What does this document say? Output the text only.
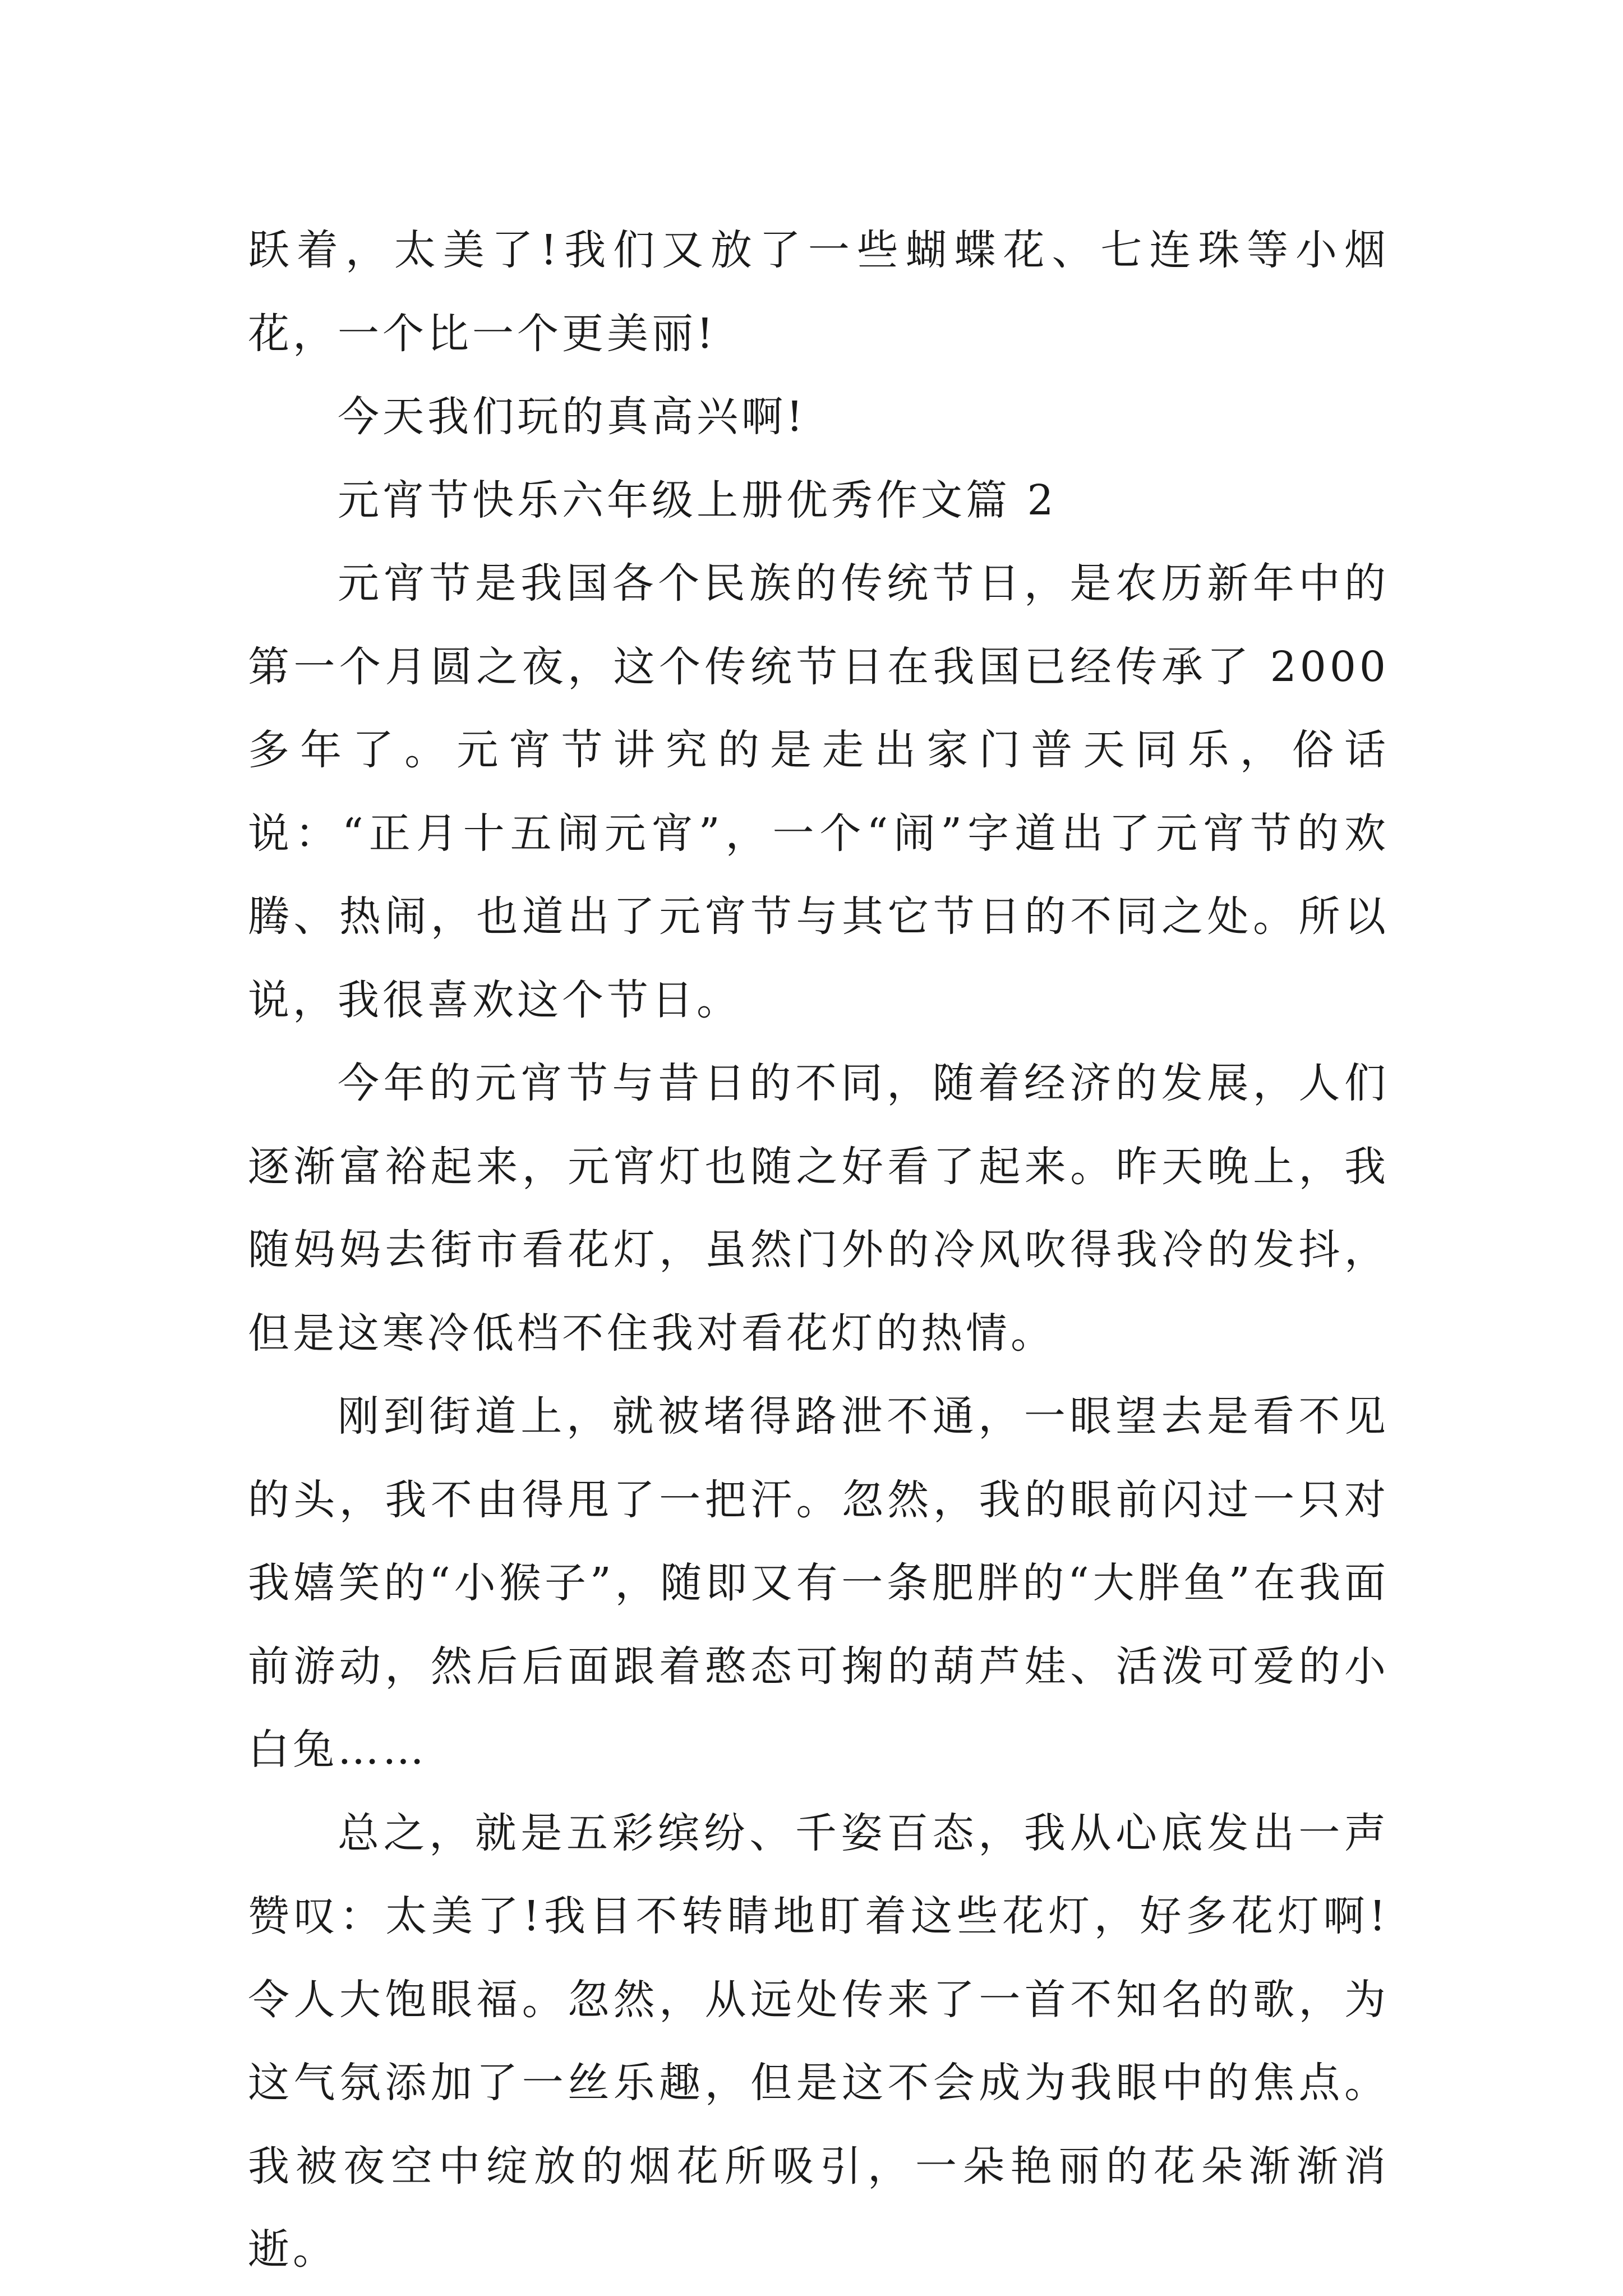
跃着，太美了!我们又放了一些蝴蝶花、七连珠等小烟花，一个比一个更美丽!

今天我们玩的真高兴啊!

元宵节快乐六年级上册优秀作文篇 2

元宵节是我国各个民族的传统节日，是农历新年中的第一个月圆之夜，这个传统节日在我国已经传承了 2000 多年了。元宵节讲究的是走出家门普天同乐，俗话说：“正月十五闹元宵”，一个“闹”字道出了元宵节的欢腾、热闹，也道出了元宵节与其它节日的不同之处。所以说，我很喜欢这个节日。

今年的元宵节与昔日的不同，随着经济的发展，人们逐渐富裕起来，元宵灯也随之好看了起来。昨天晚上，我随妈妈去街市看花灯，虽然门外的冷风吹得我冷的发抖，但是这寒冷低档不住我对看花灯的热情。

刚到街道上，就被堵得路泄不通，一眼望去是看不见的头，我不由得甩了一把汗。忽然，我的眼前闪过一只对我嬉笑的“小猴子”，随即又有一条肥胖的“大胖鱼”在我面前游动，然后后面跟着憨态可掬的葫芦娃、活泼可爱的小白兔……

总之，就是五彩缤纷、千姿百态，我从心底发出一声赞叹：太美了!我目不转睛地盯着这些花灯，好多花灯啊!令人大饱眼福。忽然，从远处传来了一首不知名的歌，为这气氛添加了一丝乐趣，但是这不会成为我眼中的焦点。我被夜空中绽放的烟花所吸引，一朵艳丽的花朵渐渐消逝。
